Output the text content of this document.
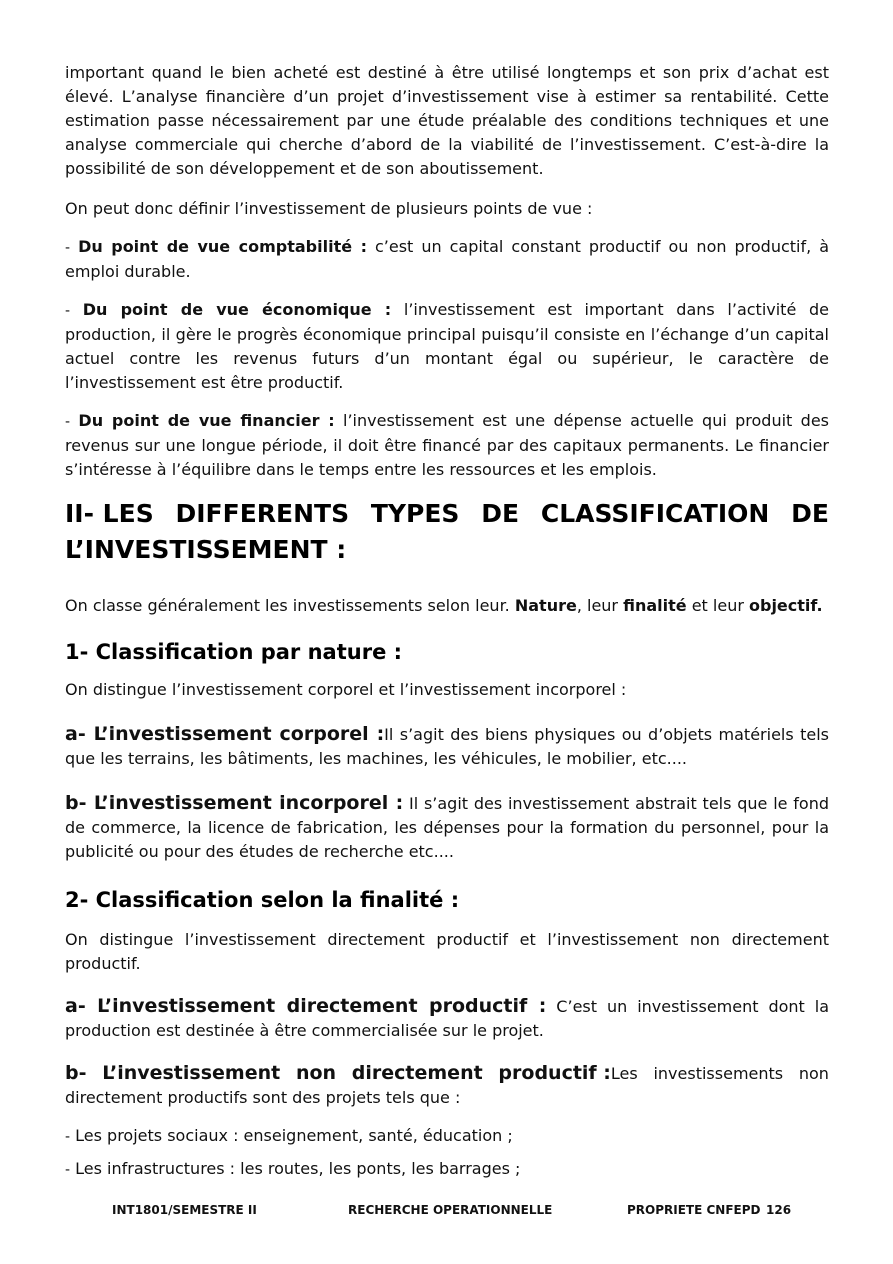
important quand le bien acheté est destiné à être utilisé longtemps et son prix d’achat est élevé. L’analyse financière d’un projet d’investissement vise à estimer sa rentabilité. Cette estimation passe nécessairement par une étude préalable des conditions techniques et une analyse commerciale qui cherche d’abord de la viabilité de l’investissement. C’est-à-dire la possibilité de son développement et de son aboutissement.

On peut donc définir l’investissement de plusieurs points de vue :

- Du point de vue comptabilité : c’est un capital constant productif ou non productif, à emploi durable.

- Du point de vue économique : l’investissement est important dans l’activité de production, il gère le progrès économique principal puisqu’il consiste en l’échange d’un capital actuel contre les revenus futurs d’un montant égal ou supérieur, le caractère de l’investissement est être productif.

- Du point de vue financier : l’investissement est une dépense actuelle qui produit des revenus sur une longue période, il doit être financé par des capitaux permanents. Le financier s’intéresse à l’équilibre dans le temps entre les ressources et les emplois.

II- LES DIFFERENTS TYPES DE CLASSIFICATION DE
L’INVESTISSEMENT :

On classe généralement les investissements selon leur. Nature, leur finalité et leur objectif.

1- Classification par nature :

On distingue l’investissement corporel et l’investissement incorporel :

a- L’investissement corporel :Il s’agit des biens physiques ou d’objets matériels tels que les terrains, les bâtiments, les machines, les véhicules, le mobilier, etc....

b- L’investissement incorporel : Il s’agit des investissement abstrait tels que le fond de commerce, la licence de fabrication, les dépenses pour la formation du personnel, pour la publicité ou pour des études de recherche etc....

2- Classification selon la finalité :

On distingue l’investissement directement productif et l’investissement non directement productif.

a- L’investissement directement productif : C’est un investissement dont la production est destinée à être commercialisée sur le projet.

b- L’investissement non directement productif :Les investissements non
directement productifs sont des projets tels que :

- Les projets sociaux : enseignement, santé, éducation ;

- Les infrastructures : les routes, les ponts, les barrages ;

INT1801/SEMESTRE II	RECHERCHE OPERATIONNELLE	PROPRIETE CNFEPD 126
